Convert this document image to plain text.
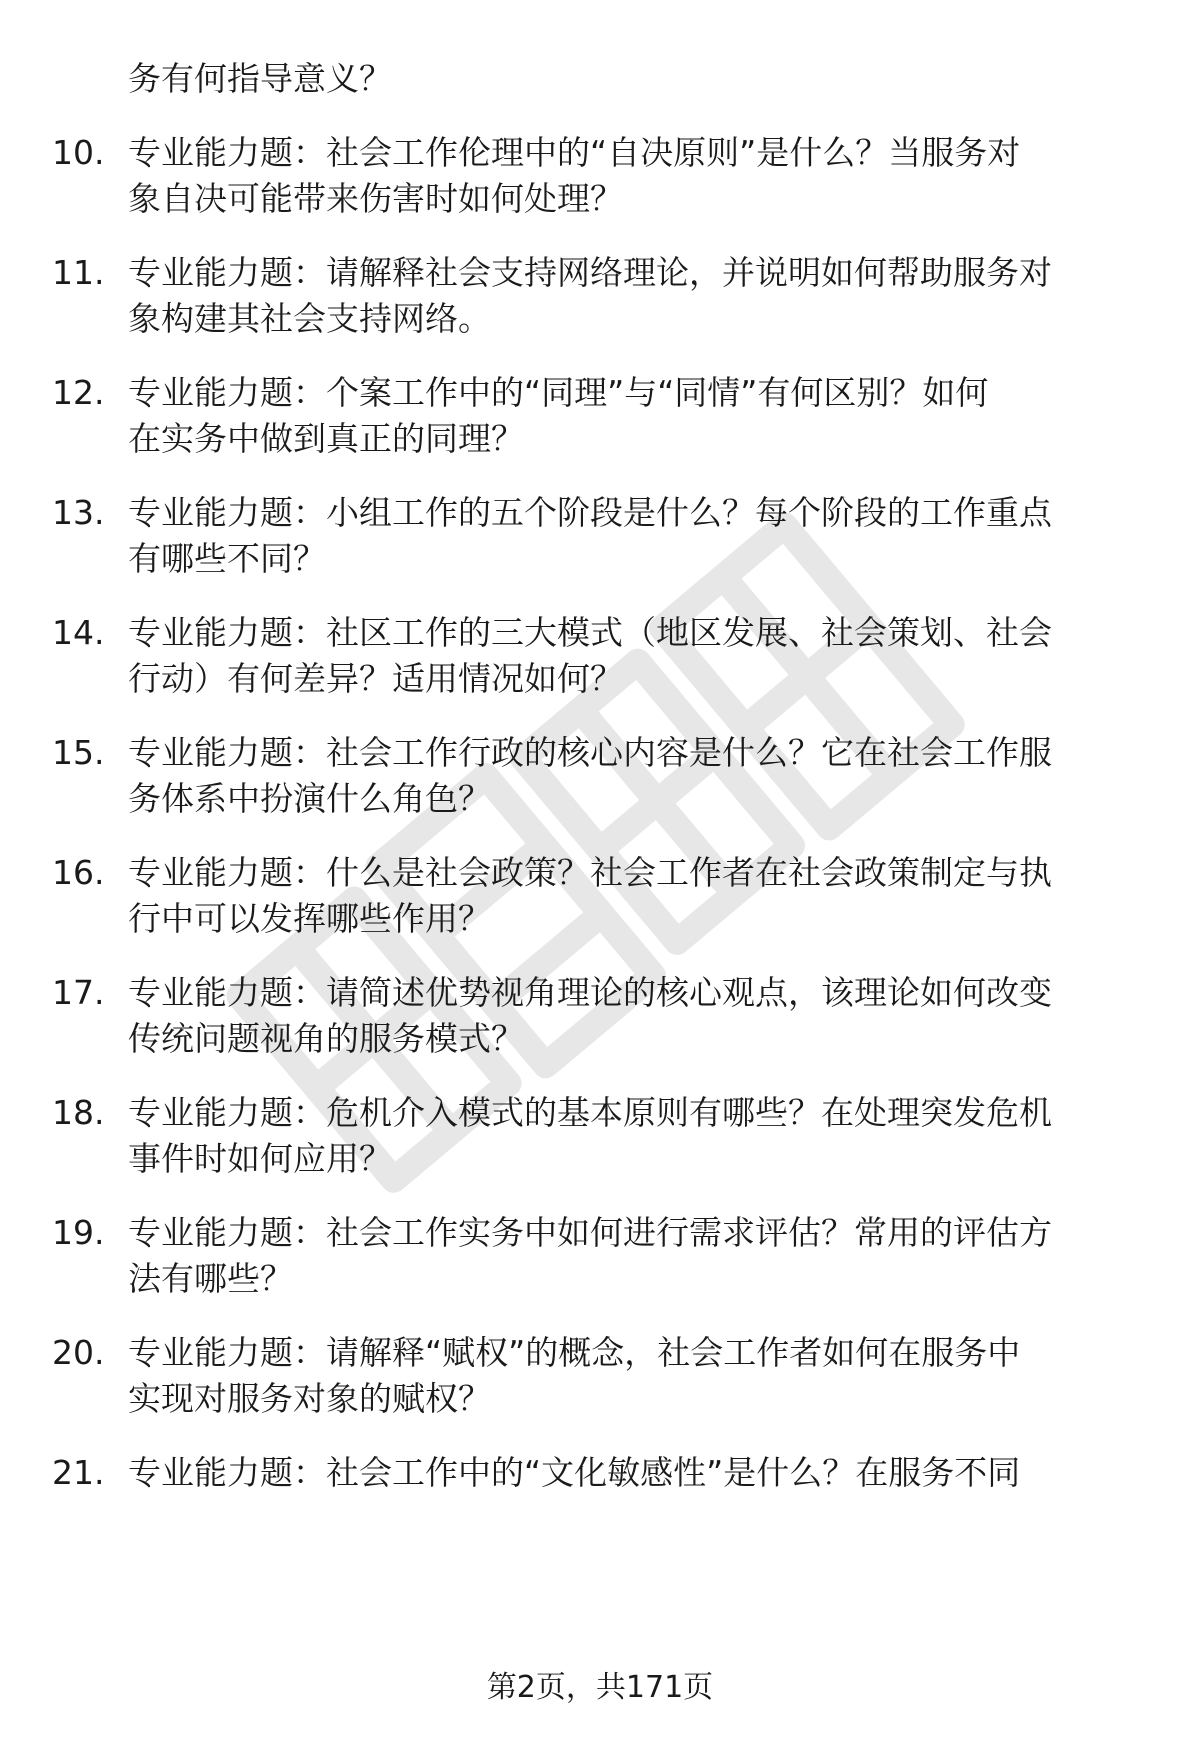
务有何指导意义？
10. 专业能力题：社会工作伦理中的“自决原则”是什么？当服务对
象自决可能带来伤害时如何处理？
11. 专业能力题：请解释社会支持网络理论，并说明如何帮助服务对
象构建其社会支持网络。
12. 专业能力题：个案工作中的“同理”与“同情”有何区别？如何
在实务中做到真正的同理？
13. 专业能力题：小组工作的五个阶段是什么？每个阶段的工作重点
有哪些不同？
14. 专业能力题：社区工作的三大模式（地区发展、社会策划、社会
行动）有何差异？适用情况如何？
15. 专业能力题：社会工作行政的核心内容是什么？它在社会工作服
务体系中扮演什么角色？
16. 专业能力题：什么是社会政策？社会工作者在社会政策制定与执
行中可以发挥哪些作用？
17. 专业能力题：请简述优势视角理论的核心观点，该理论如何改变
传统问题视角的服务模式？
18. 专业能力题：危机介入模式的基本原则有哪些？在处理突发危机
事件时如何应用？
19. 专业能力题：社会工作实务中如何进行需求评估？常用的评估方
法有哪些？
20. 专业能力题：请解释“赋权”的概念，社会工作者如何在服务中
实现对服务对象的赋权？
21. 专业能力题：社会工作中的“文化敏感性”是什么？在服务不同
第2页，共171页
